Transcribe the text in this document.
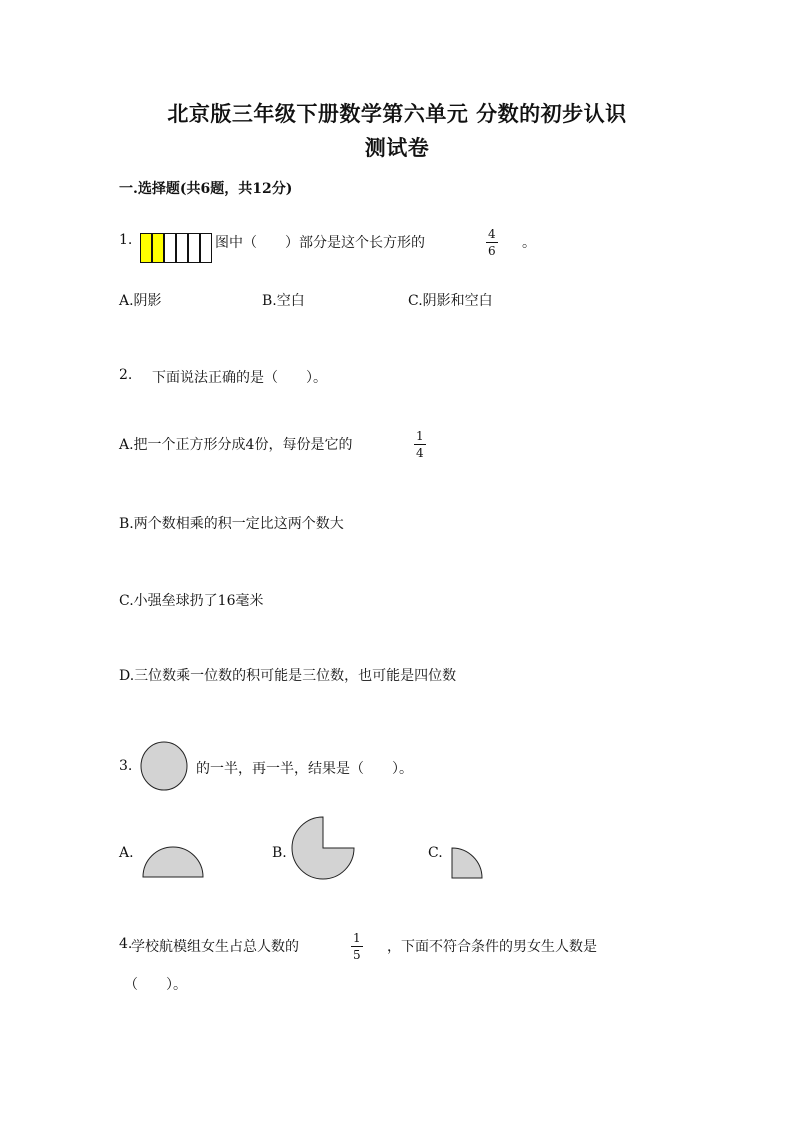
北京版三年级下册数学第六单元 分数的初步认识
测试卷
一.选择题(共6题，共12分)
1.	图中（　　）部分是这个长方形的	$\frac{4}{6}$ 。
A.阴影	B.空白	C.阴影和空白
2. 下面说法正确的是（　　）。
A.把一个正方形分成4份，每份是它的	$\frac{1}{4}$
B.两个数相乘的积一定比这两个数大
C.小强垒球扔了16毫米
D.三位数乘一位数的积可能是三位数，也可能是四位数
3.	的一半，再一半，结果是（　　）。
A.	B.	C.
4.
学校航模组女生占总人数的	$\frac{1}{5}$ ，下面不符合条件的男女生人数是
（　　）。
